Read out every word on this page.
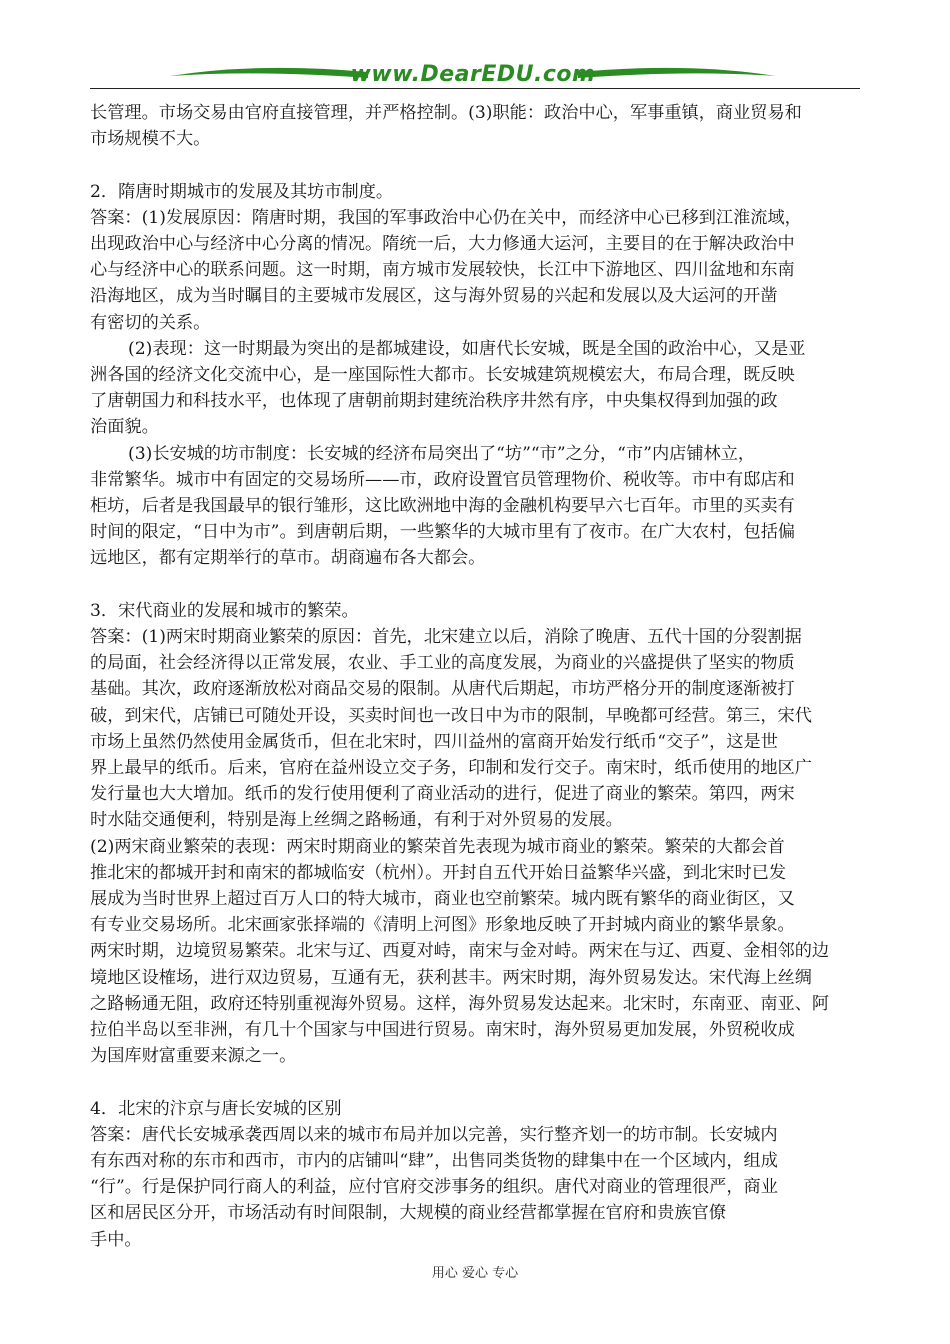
www.DearEDU.com

长管理。市场交易由官府直接管理，并严格控制。(3)职能：政治中心，军事重镇，商业贸易和
市场规模不大。

2．隋唐时期城市的发展及其坊市制度。

答案：(1)发展原因：隋唐时期，我国的军事政治中心仍在关中，而经济中心已移到江淮流域，
出现政治中心与经济中心分离的情况。隋统一后，大力修通大运河，主要目的在于解决政治中
心与经济中心的联系问题。这一时期，南方城市发展较快，长江中下游地区、四川盆地和东南
沿海地区，成为当时瞩目的主要城市发展区，这与海外贸易的兴起和发展以及大运河的开凿
有密切的关系。

(2)表现：这一时期最为突出的是都城建设，如唐代长安城，既是全国的政治中心，又是亚
洲各国的经济文化交流中心，是一座国际性大都市。长安城建筑规模宏大，布局合理，既反映
了唐朝国力和科技水平，也体现了唐朝前期封建统治秩序井然有序，中央集权得到加强的政
治面貌。

(3)长安城的坊市制度：长安城的经济布局突出了“坊”“市”之分，“市”内店铺林立，
非常繁华。城市中有固定的交易场所——市，政府设置官员管理物价、税收等。市中有邸店和
柜坊，后者是我国最早的银行雏形，这比欧洲地中海的金融机构要早六七百年。市里的买卖有
时间的限定，“日中为市”。到唐朝后期，一些繁华的大城市里有了夜市。在广大农村，包括偏
远地区，都有定期举行的草市。胡商遍布各大都会。

3．宋代商业的发展和城市的繁荣。

答案：(1)两宋时期商业繁荣的原因：首先，北宋建立以后，消除了晚唐、五代十国的分裂割据
的局面，社会经济得以正常发展，农业、手工业的高度发展，为商业的兴盛提供了坚实的物质
基础。其次，政府逐渐放松对商品交易的限制。从唐代后期起，市坊严格分开的制度逐渐被打
破，到宋代，店铺已可随处开设，买卖时间也一改日中为市的限制，早晚都可经营。第三，宋代
市场上虽然仍然使用金属货币，但在北宋时，四川益州的富商开始发行纸币“交子”，这是世
界上最早的纸币。后来，官府在益州设立交子务，印制和发行交子。南宋时，纸币使用的地区广
发行量也大大增加。纸币的发行使用便利了商业活动的进行，促进了商业的繁荣。第四，两宋
时水陆交通便利，特别是海上丝绸之路畅通，有利于对外贸易的发展。

(2)两宋商业繁荣的表现：两宋时期商业的繁荣首先表现为城市商业的繁荣。繁荣的大都会首
推北宋的都城开封和南宋的都城临安（杭州）。开封自五代开始日益繁华兴盛，到北宋时已发
展成为当时世界上超过百万人口的特大城市，商业也空前繁荣。城内既有繁华的商业街区，又
有专业交易场所。北宋画家张择端的《清明上河图》形象地反映了开封城内商业的繁华景象。
两宋时期，边境贸易繁荣。北宋与辽、西夏对峙，南宋与金对峙。两宋在与辽、西夏、金相邻的边
境地区设榷场，进行双边贸易，互通有无，获利甚丰。两宋时期，海外贸易发达。宋代海上丝绸
之路畅通无阻，政府还特别重视海外贸易。这样，海外贸易发达起来。北宋时，东南亚、南亚、阿
拉伯半岛以至非洲，有几十个国家与中国进行贸易。南宋时，海外贸易更加发展，外贸税收成
为国库财富重要来源之一。

4．北宋的汴京与唐长安城的区别

答案：唐代长安城承袭西周以来的城市布局并加以完善，实行整齐划一的坊市制。长安城内
有东西对称的东市和西市，市内的店铺叫“肆”，出售同类货物的肆集中在一个区域内，组成
“行”。行是保护同行商人的利益，应付官府交涉事务的组织。唐代对商业的管理很严，商业
区和居民区分开，市场活动有时间限制，大规模的商业经营都掌握在官府和贵族官僚
手中。

用心 爱心 专心
